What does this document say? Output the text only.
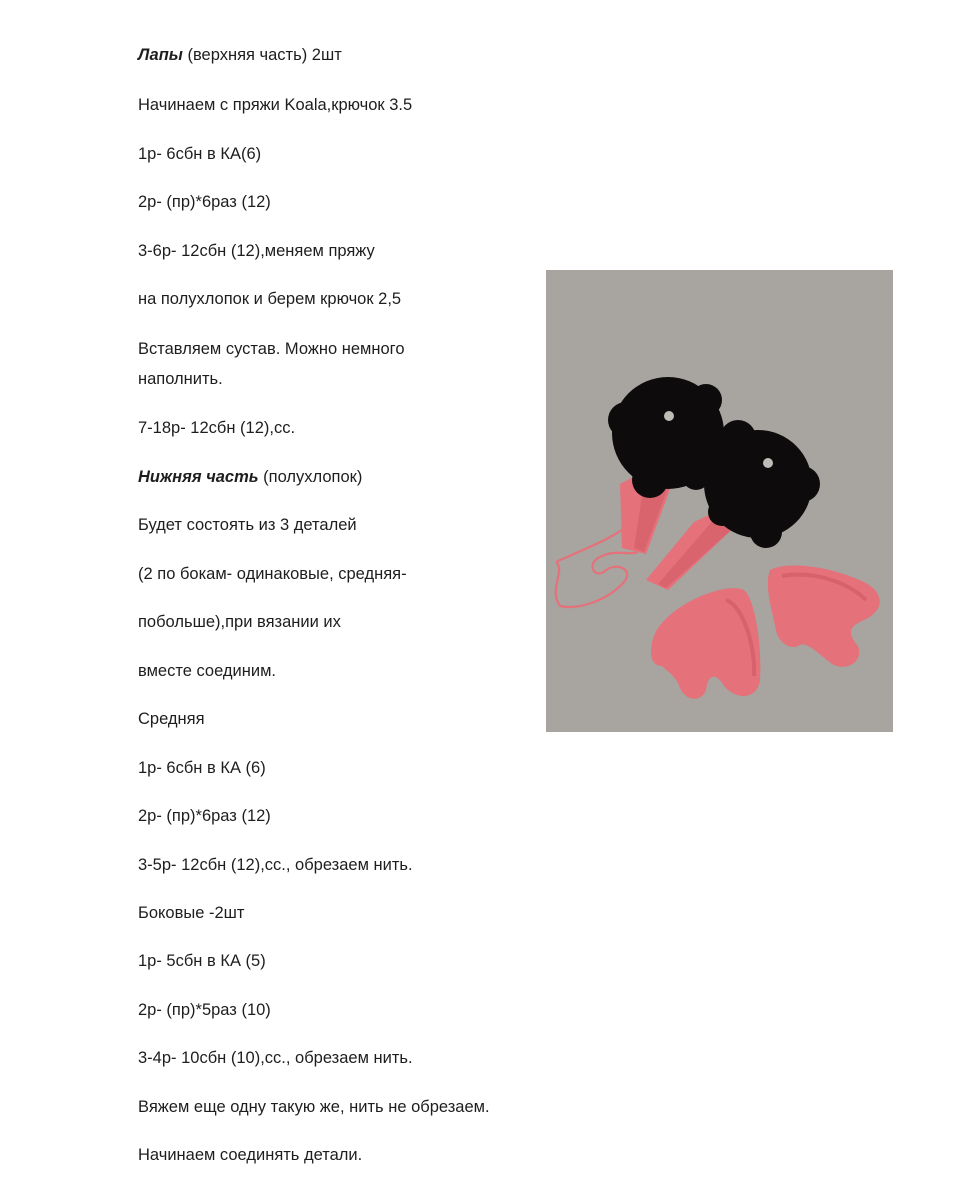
Лапы (верхняя часть) 2шт
Начинаем с пряжи Koala,крючок 3.5
1р- 6сбн в КА(6)
2р- (пр)*6раз (12)
3-6р- 12сбн (12),меняем пряжу
на полухлопок и берем крючок 2,5
Вставляем сустав. Можно немного
наполнить.
7-18р- 12сбн (12),сс.
Нижняя часть (полухлопок)
Будет состоять из 3 деталей
(2 по бокам- одинаковые, средняя-
побольше),при вязании их
вместе соединим.
Средняя
1р- 6сбн в КА (6)
2р- (пр)*6раз (12)
3-5р- 12сбн (12),сс., обрезаем нить.
Боковые -2шт
1р- 5сбн в КА (5)
2р- (пр)*5раз (10)
3-4р- 10сбн (10),сс., обрезаем нить.
Вяжем еще одну такую же, нить не обрезаем.
Начинаем соединять детали.
